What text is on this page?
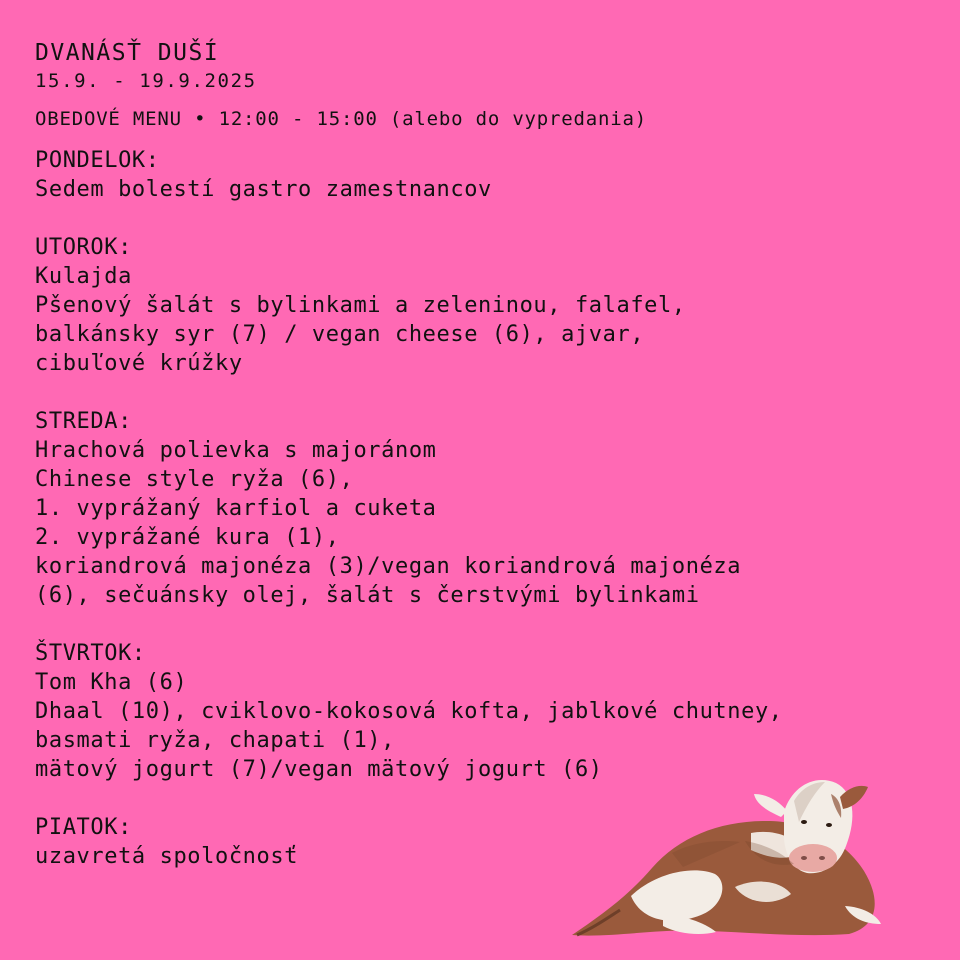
DVANÁSŤ DUŠÍ
15.9. - 19.9.2025
OBEDOVÉ MENU • 12:00 - 15:00 (alebo do vypredania)
PONDELOK:
Sedem bolestí gastro zamestnancov
UTOROK:
Kulajda
Pšenový šalát s bylinkami a zeleninou, falafel,
balkánsky syr (7) / vegan cheese (6), ajvar,
cibuľové krúžky
STREDA:
Hrachová polievka s majoránom
Chinese style ryža (6),
1. vyprážaný karfiol a cuketa
2. vyprážané kura (1),
koriandrová majonéza (3)/vegan koriandrová majonéza
(6), sečuánsky olej, šalát s čerstvými bylinkami
ŠTVRTOK:
Tom Kha (6)
Dhaal (10), cviklovo-kokosová kofta, jablkové chutney,
basmati ryža, chapati (1),
mätový jogurt (7)/vegan mätový jogurt (6)
PIATOK:
uzavretá spoločnosť
